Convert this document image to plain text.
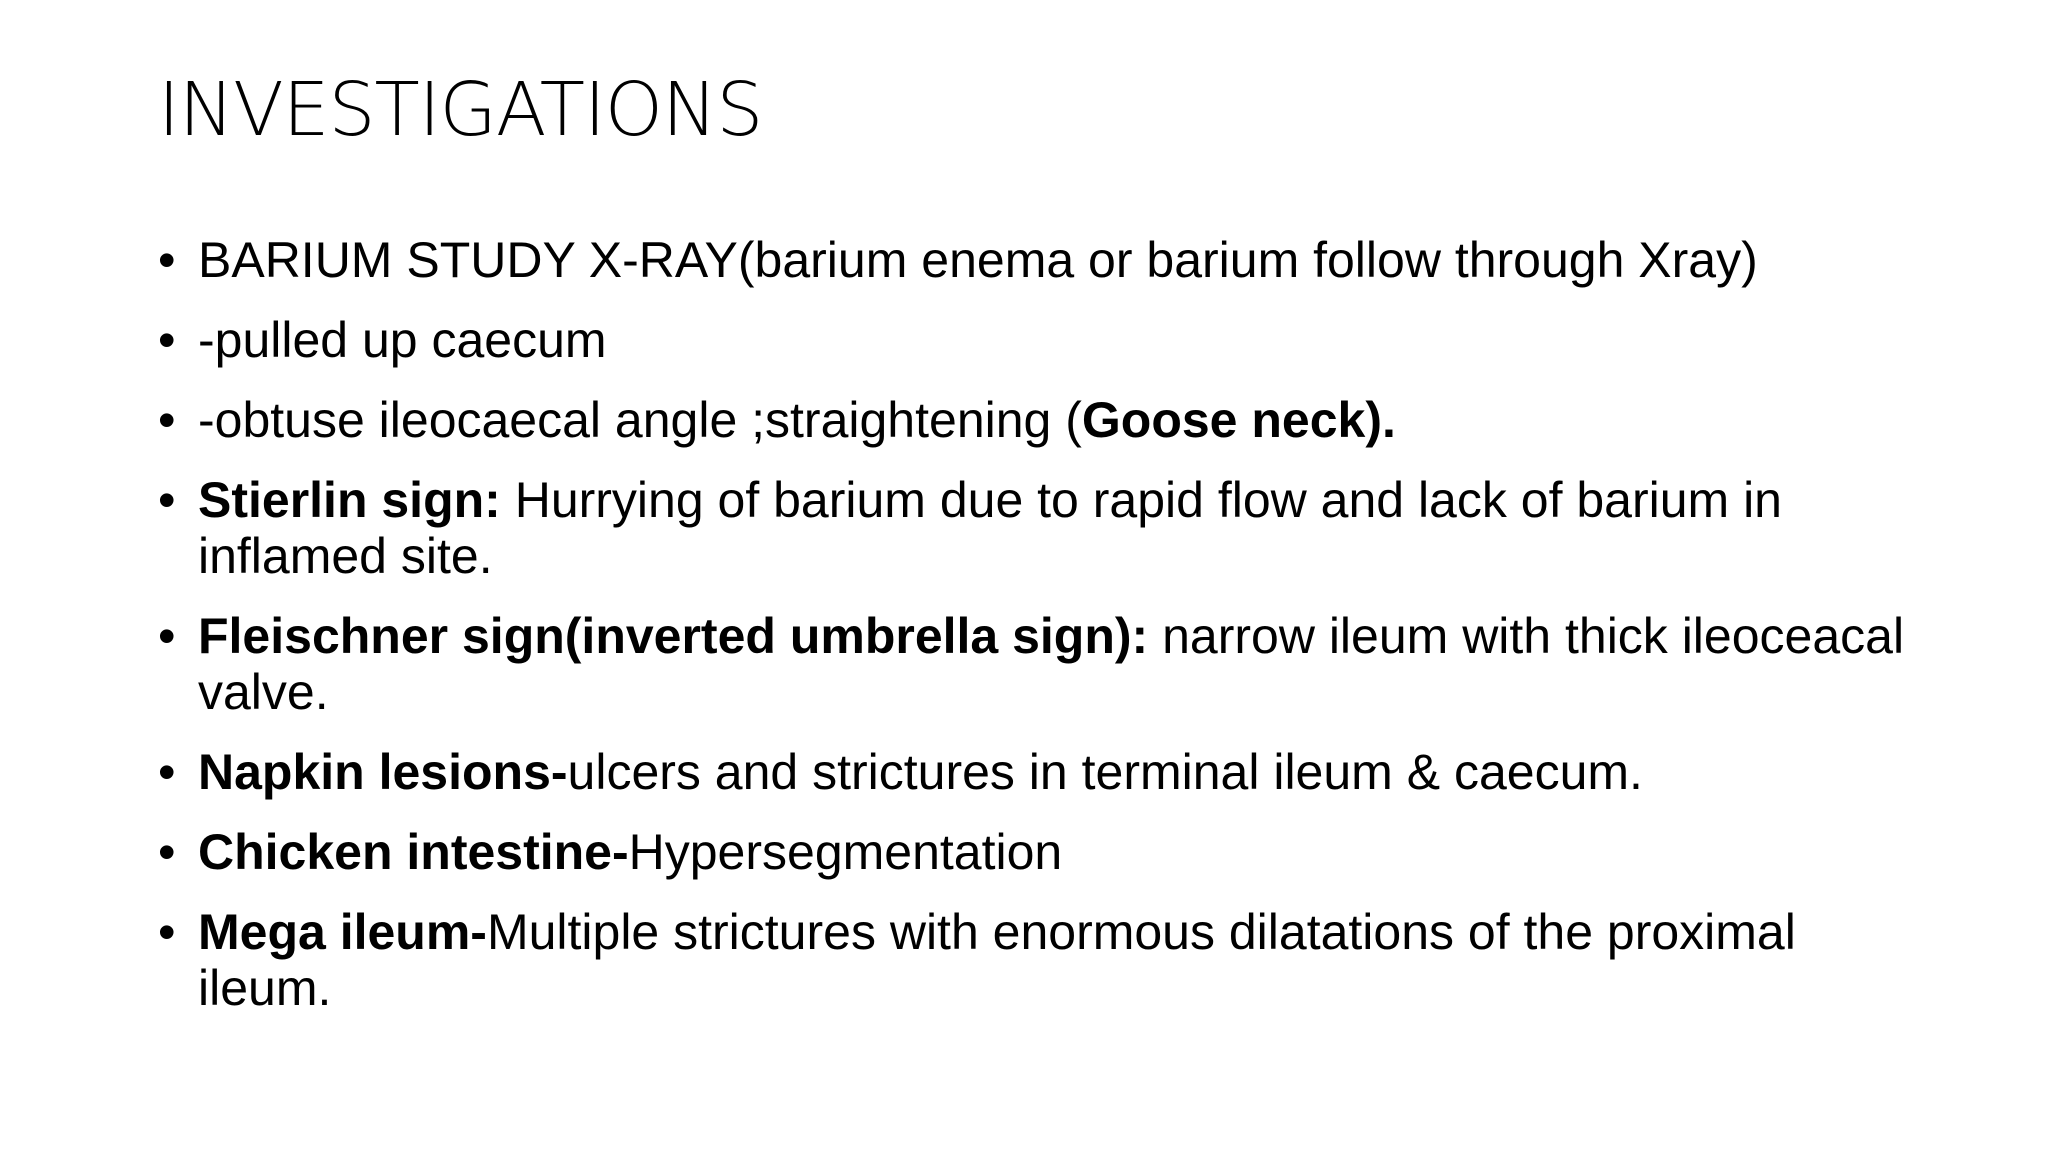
INVESTIGATIONS
• BARIUM STUDY X-RAY(barium enema or barium follow through Xray)
• -pulled up caecum
• -obtuse ileocaecal angle ;straightening (Goose neck).
• Stierlin sign: Hurrying of barium due to rapid flow and lack of barium in inflamed site.
• Fleischner sign(inverted umbrella sign): narrow ileum with thick ileoceacal valve.
• Napkin lesions-ulcers and strictures in terminal ileum & caecum.
• Chicken intestine-Hypersegmentation
• Mega ileum-Multiple strictures with enormous dilatations of the proximal ileum.
